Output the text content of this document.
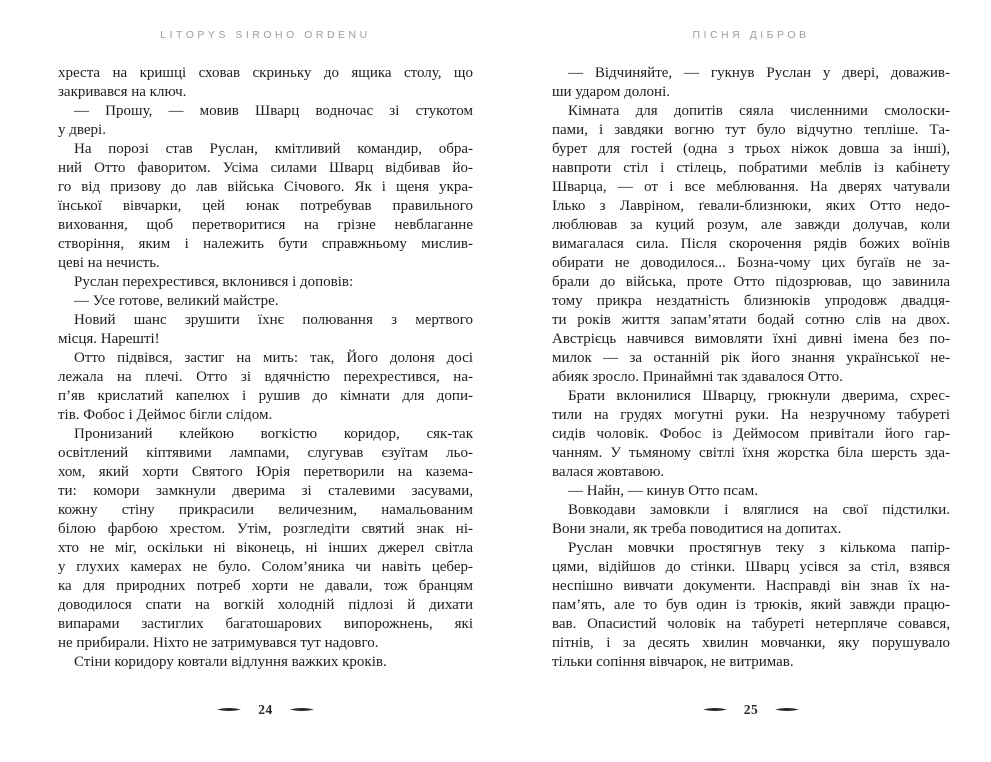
LITOPYS SIROHO ORDENU
хреста на кришці сховав скриньку до ящика столу, що
закривався на ключ.
— Прошу, — мовив Шварц водночас зі стукотом
у двері.
На порозі став Руслан, кмітливий командир, обра-
ний Отто фаворитом. Усіма силами Шварц відбивав йо-
го від призову до лав війська Січового. Як і щеня укра-
їнської вівчарки, цей юнак потребував правильного
виховання, щоб перетворитися на грізне невблаганне
створіння, яким і належить бути справжньому мислив-
цеві на нечисть.
Руслан перехрестився, вклонився і доповів:
— Усе готове, великий майстре.
Новий шанс зрушити їхнє полювання з мертвого
місця. Нарешті!
Отто підвівся, застиг на мить: так, Його долоня досі
лежала на плечі. Отто зі вдячністю перехрестився, на-
п’яв крислатий капелюх і рушив до кімнати для допи-
тів. Фобос і Деймос бігли слідом.
Пронизаний клейкою вогкістю коридор, сяк-так
освітлений кіптявими лампами, слугував єзуїтам льо-
хом, який хорти Святого Юрія перетворили на казема-
ти: комори замкнули дверима зі сталевими засувами,
кожну стіну прикрасили величезним, намальованим
білою фарбою хрестом. Утім, розгледіти святий знак ні-
хто не міг, оскільки ні віконець, ні інших джерел світла
у глухих камерах не було. Солом’яника чи навіть цебер-
ка для природних потреб хорти не давали, тож бранцям
доводилося спати на вогкій холодній підлозі й дихати
випарами застиглих багатошарових випорожнень, які
не прибирали. Ніхто не затримувався тут надовго.
Стіни коридору ковтали відлуння важких кроків.
24
ПІСНЯ ДІБРОВ
— Відчиняйте, — гукнув Руслан у двері, доважив-
ши ударом долоні.
Кімната для допитів сяяла численними смолоски-
пами, і завдяки вогню тут було відчутно тепліше. Та-
бурет для гостей (одна з трьох ніжок довша за інші),
навпроти стіл і стілець, побратими меблів із кабінету
Шварца, — от і все меблювання. На дверях чатували
Ілько з Лавріном, ґевали-близнюки, яких Отто недо-
люблював за куций розум, але завжди долучав, коли
вимагалася сила. Після скорочення рядів божих воїнів
обирати не доводилося... Бозна-чому цих бугаїв не за-
брали до війська, проте Отто підозрював, що завинила
тому прикра нездатність близнюків упродовж двадця-
ти років життя запам’ятати бодай сотню слів на двох.
Австрієць навчився вимовляти їхні дивні імена без по-
милок — за останній рік його знання української не-
абияк зросло. Принаймні так здавалося Отто.
Брати вклонилися Шварцу, грюкнули дверима, схрес-
тили на грудях могутні руки. На незручному табуреті
сидів чоловік. Фобос із Деймосом привітали його гар-
чанням. У тьмяному світлі їхня жорстка біла шерсть зда-
валася жовтавою.
— Найн, — кинув Отто псам.
Вовкодави замовкли і вляглися на свої підстилки.
Вони знали, як треба поводитися на допитах.
Руслан мовчки простягнув теку з кількома папір-
цями, відійшов до стінки. Шварц усівся за стіл, взявся
неспішно вивчати документи. Насправді він знав їх на-
пам’ять, але то був один із трюків, який завжди працю-
вав. Опасистий чоловік на табуреті нетерпляче совався,
пітнів, і за десять хвилин мовчанки, яку порушувало
тільки сопіння вівчарок, не витримав.
25
